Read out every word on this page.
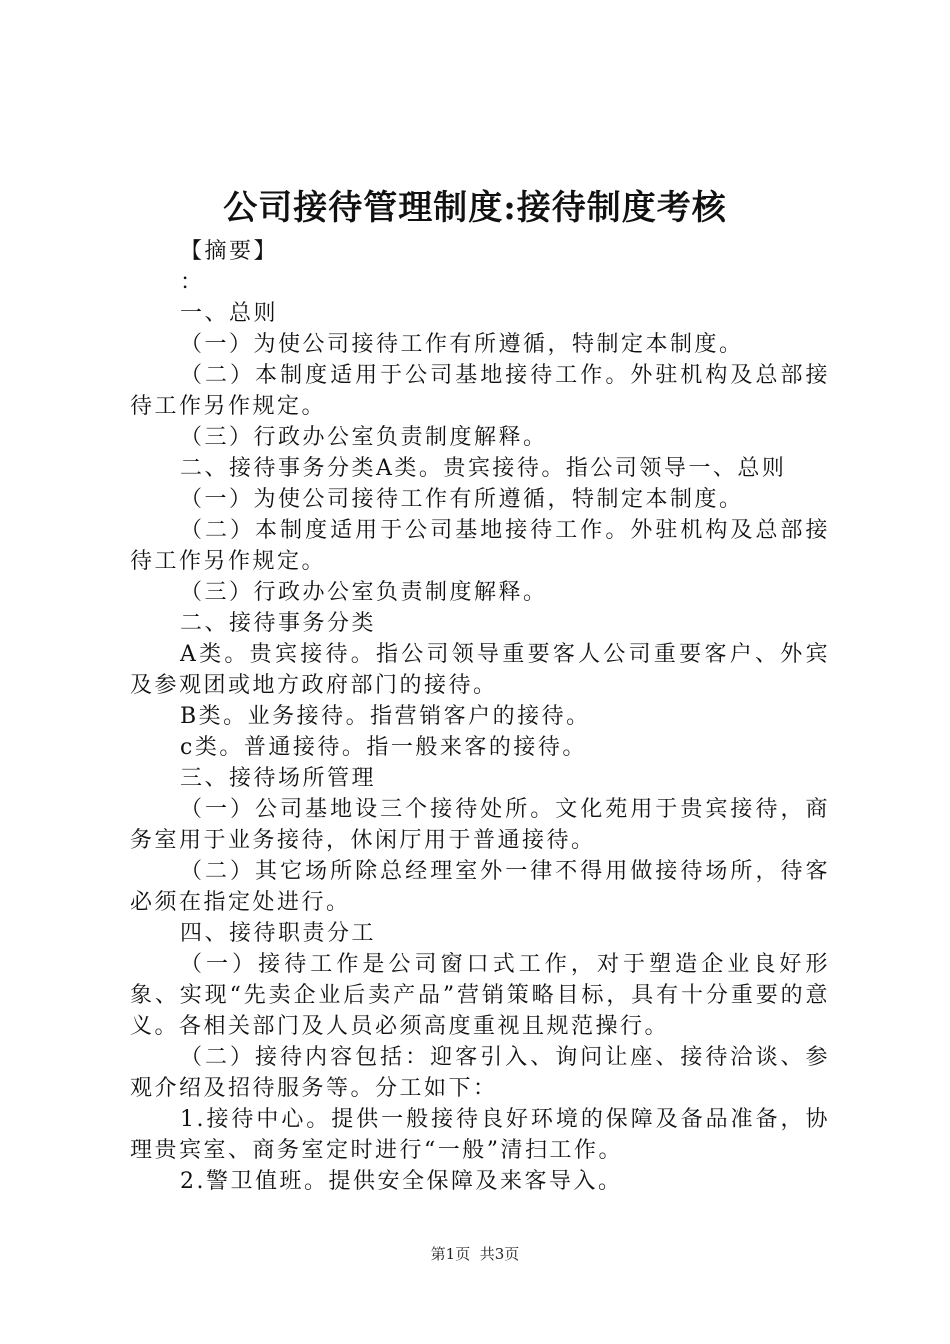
公司接待管理制度:接待制度考核

【摘要】

：

一、总则

（一）为使公司接待工作有所遵循，特制定本制度。

（二）本制度适用于公司基地接待工作。外驻机构及总部接待工作另作规定。

（三）行政办公室负责制度解释。

二、接待事务分类A类。贵宾接待。指公司领导一、总则

（一）为使公司接待工作有所遵循，特制定本制度。

（二）本制度适用于公司基地接待工作。外驻机构及总部接待工作另作规定。

（三）行政办公室负责制度解释。

二、接待事务分类

A类。贵宾接待。指公司领导重要客人公司重要客户、外宾及参观团或地方政府部门的接待。

B类。业务接待。指营销客户的接待。

c类。普通接待。指一般来客的接待。

三、接待场所管理

（一）公司基地设三个接待处所。文化苑用于贵宾接待，商务室用于业务接待，休闲厅用于普通接待。

（二）其它场所除总经理室外一律不得用做接待场所，待客必须在指定处进行。

四、接待职责分工

（一）接待工作是公司窗口式工作，对于塑造企业良好形象、实现“先卖企业后卖产品”营销策略目标，具有十分重要的意义。各相关部门及人员必须高度重视且规范操行。

（二）接待内容包括：迎客引入、询问让座、接待洽谈、参观介绍及招待服务等。分工如下：

1.接待中心。提供一般接待良好环境的保障及备品准备，协理贵宾室、商务室定时进行“一般”清扫工作。

2.警卫值班。提供安全保障及来客导入。

第1页 共3页
